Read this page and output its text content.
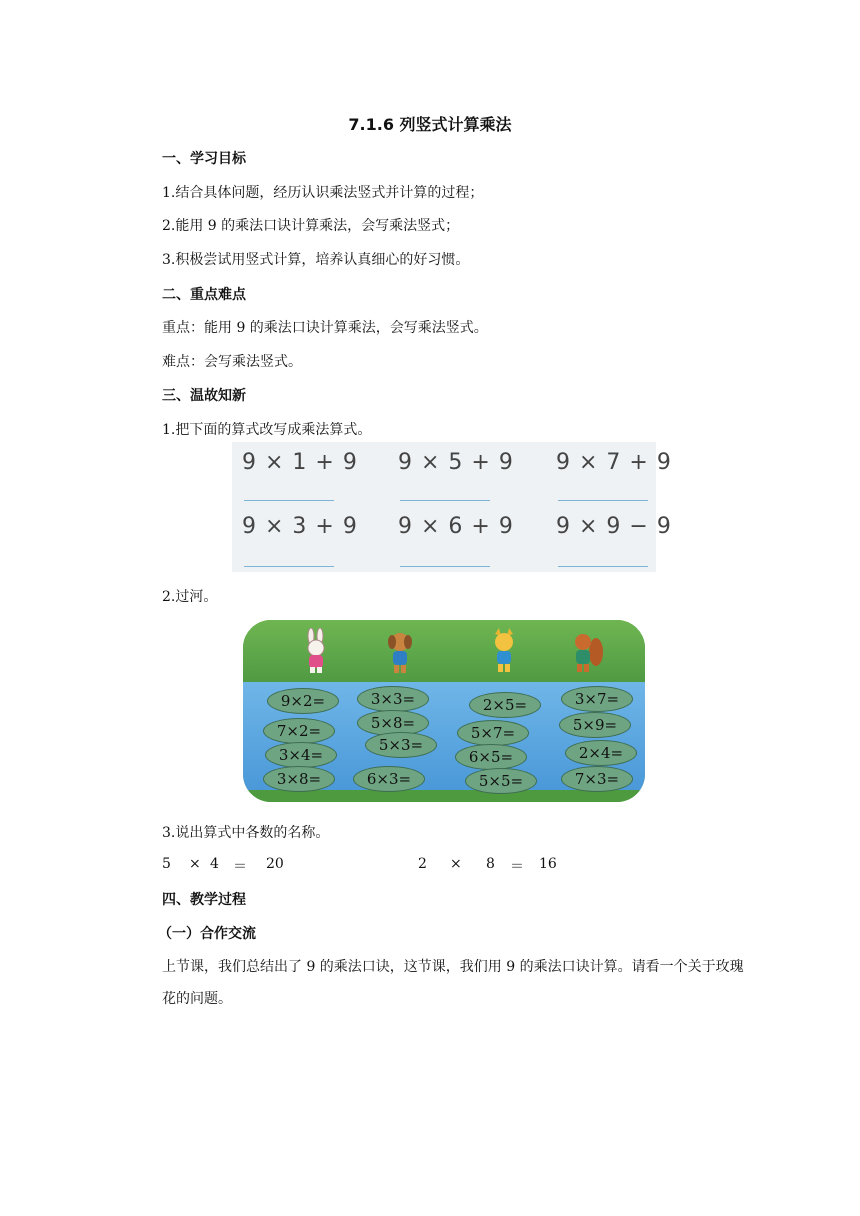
7.1.6 列竖式计算乘法
一、学习目标
1.结合具体问题，经历认识乘法竖式并计算的过程；
2.能用 9 的乘法口诀计算乘法，会写乘法竖式；
3.积极尝试用竖式计算，培养认真细心的好习惯。
二、重点难点
重点：能用 9 的乘法口诀计算乘法，会写乘法竖式。
难点：会写乘法竖式。
三、温故知新
1.把下面的算式改写成乘法算式。
9 × 1 + 9 9 × 5 + 9 9 × 7 + 9
9 × 3 + 9 9 × 6 + 9 9 × 9 − 9
2.过河。
9×2=	3×3=	2×5=	3×7=
5×8=	5×9=
7×2=	5×7=
3×4=
5×3=
6×5=	2×4=
3×8=	6×3=	5×5=	7×3=
3.说出算式中各数的名称。
5 × 4 ＝ 20	2 × 8 ＝ 16
四、教学过程
（一）合作交流
上节课，我们总结出了 9 的乘法口诀，这节课，我们用 9 的乘法口诀计算。请看一个关于玫瑰花的问题。
